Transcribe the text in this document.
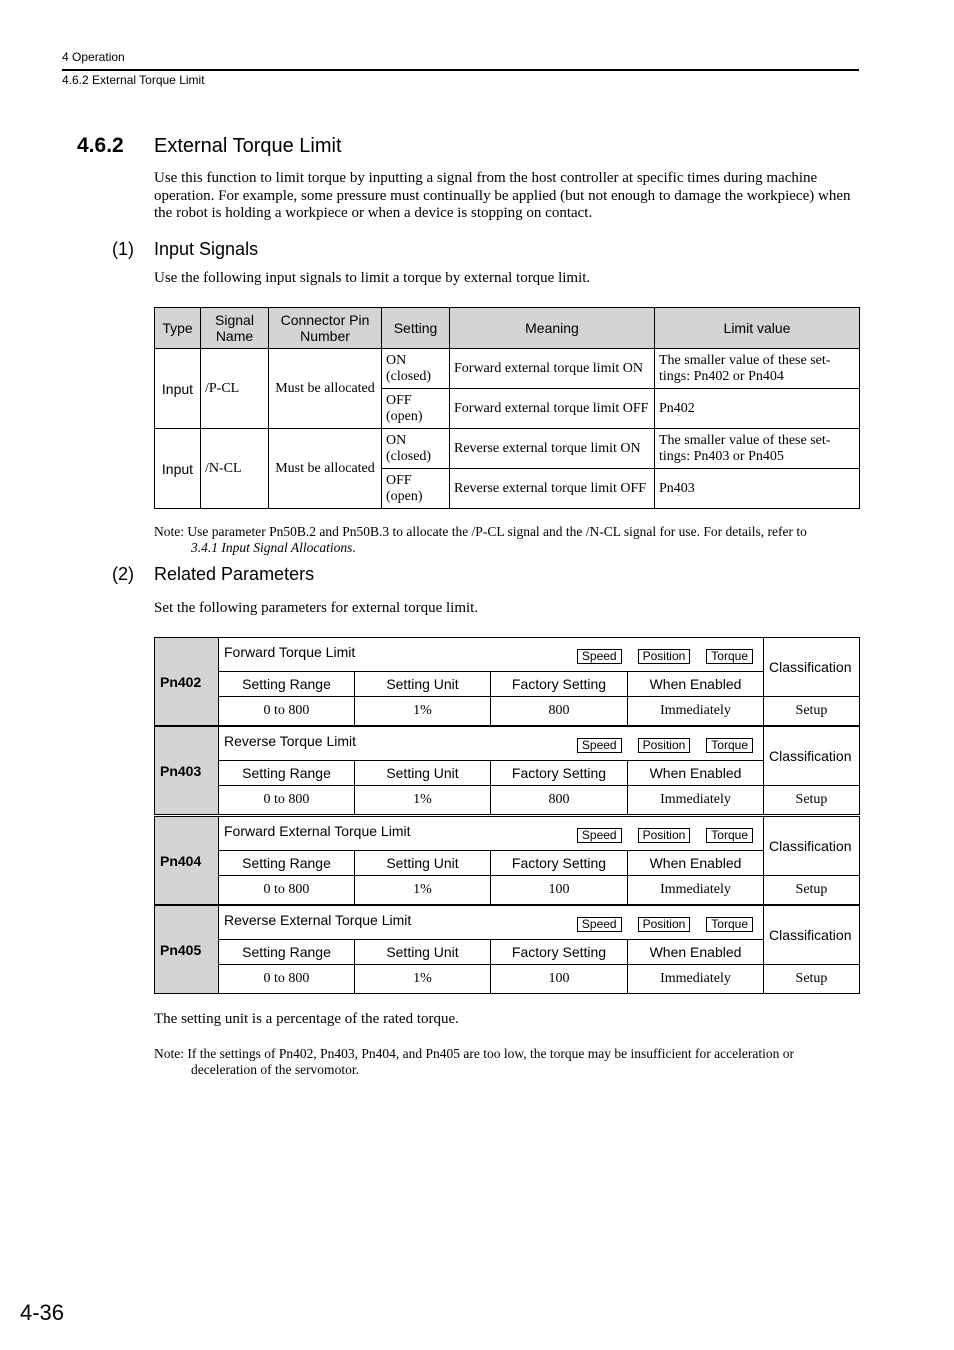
4 Operation
4.6.2 External Torque Limit
4.6.2 External Torque Limit
Use this function to limit torque by inputting a signal from the host controller at specific times during machine operation. For example, some pressure must continually be applied (but not enough to damage the workpiece) when the robot is holding a workpiece or when a device is stopping on contact.
(1) Input Signals
Use the following input signals to limit a torque by external torque limit.
Type	Signal Name	Connector Pin Number	Setting	Meaning	Limit value
Input	/P-CL	Must be allocated	ON (closed)	Forward external torque limit ON	The smaller value of these set-tings: Pn402 or Pn404
			OFF (open)	Forward external torque limit OFF	Pn402
Input	/N-CL	Must be allocated	ON (closed)	Reverse external torque limit ON	The smaller value of these set-tings: Pn403 or Pn405
			OFF (open)	Reverse external torque limit OFF	Pn403
Note: Use parameter Pn50B.2 and Pn50B.3 to allocate the /P-CL signal and the /N-CL signal for use. For details, refer to
3.4.1 Input Signal Allocations.
(2) Related Parameters
Set the following parameters for external torque limit.
Pn402	Forward Torque Limit Speed Position Torque				Classification
	Setting Range	Setting Unit	Factory Setting	When Enabled	
	0 to 800	1%	800	Immediately	Setup
Pn403	Reverse Torque Limit Speed Position Torque				Classification
	Setting Range	Setting Unit	Factory Setting	When Enabled	
	0 to 800	1%	800	Immediately	Setup
Pn404	Forward External Torque Limit Speed Position Torque				Classification
	Setting Range	Setting Unit	Factory Setting	When Enabled	
	0 to 800	1%	100	Immediately	Setup
Pn405	Reverse External Torque Limit Speed Position Torque				Classification
	Setting Range	Setting Unit	Factory Setting	When Enabled	
	0 to 800	1%	100	Immediately	Setup
The setting unit is a percentage of the rated torque.
Note: If the settings of Pn402, Pn403, Pn404, and Pn405 are too low, the torque may be insufficient for acceleration or
deceleration of the servomotor.
4-36
